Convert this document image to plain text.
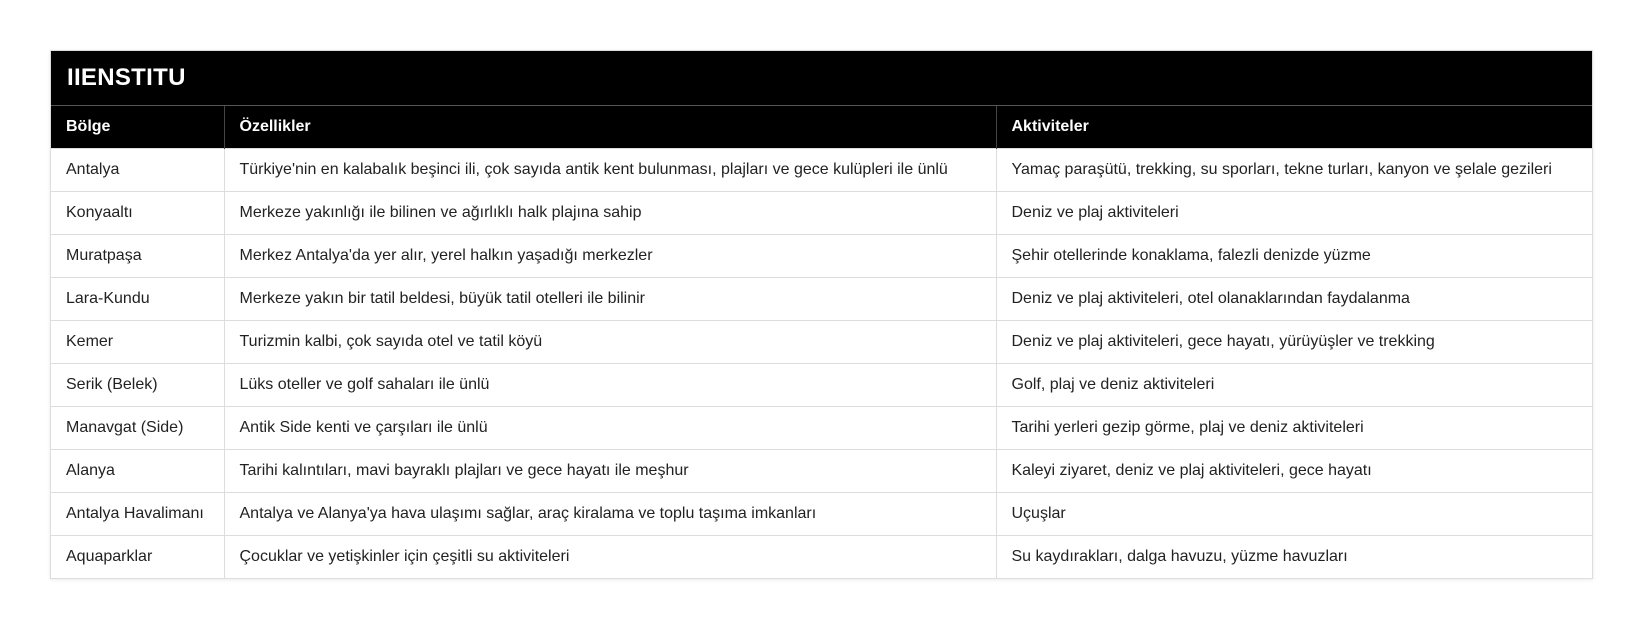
IIENSTITU
Bölge	Özellikler	Aktiviteler
Antalya	Türkiye'nin en kalabalık beşinci ili, çok sayıda antik kent bulunması, plajları ve gece kulüpleri ile ünlü	Yamaç paraşütü, trekking, su sporları, tekne turları, kanyon ve şelale gezileri
Konyaaltı	Merkeze yakınlığı ile bilinen ve ağırlıklı halk plajına sahip	Deniz ve plaj aktiviteleri
Muratpaşa	Merkez Antalya'da yer alır, yerel halkın yaşadığı merkezler	Şehir otellerinde konaklama, falezli denizde yüzme
Lara-Kundu	Merkeze yakın bir tatil beldesi, büyük tatil otelleri ile bilinir	Deniz ve plaj aktiviteleri, otel olanaklarından faydalanma
Kemer	Turizmin kalbi, çok sayıda otel ve tatil köyü	Deniz ve plaj aktiviteleri, gece hayatı, yürüyüşler ve trekking
Serik (Belek)	Lüks oteller ve golf sahaları ile ünlü	Golf, plaj ve deniz aktiviteleri
Manavgat (Side)	Antik Side kenti ve çarşıları ile ünlü	Tarihi yerleri gezip görme, plaj ve deniz aktiviteleri
Alanya	Tarihi kalıntıları, mavi bayraklı plajları ve gece hayatı ile meşhur	Kaleyi ziyaret, deniz ve plaj aktiviteleri, gece hayatı
Antalya Havalimanı	Antalya ve Alanya'ya hava ulaşımı sağlar, araç kiralama ve toplu taşıma imkanları	Uçuşlar
Aquaparklar	Çocuklar ve yetişkinler için çeşitli su aktiviteleri	Su kaydırakları, dalga havuzu, yüzme havuzları
